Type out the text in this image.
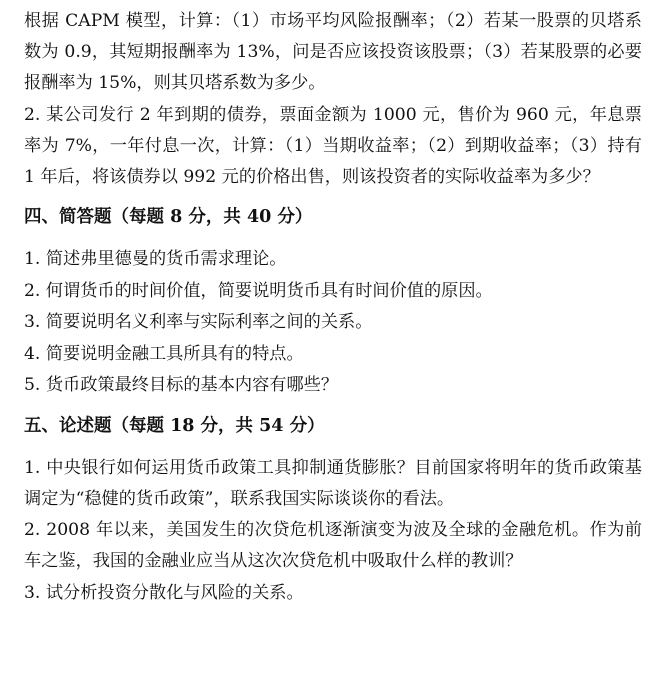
根据 CAPM 模型，计算：（1）市场平均风险报酬率；（2）若某一股票的贝塔系数为 0.9，其短期报酬率为 13%，问是否应该投资该股票；（3）若某股票的必要报酬率为 15%，则其贝塔系数为多少。

2. 某公司发行 2 年到期的债券，票面金额为 1000 元，售价为 960 元，年息票率为 7%，一年付息一次，计算：（1）当期收益率；（2）到期收益率；（3）持有 1 年后，将该债券以 992 元的价格出售，则该投资者的实际收益率为多少？

四、简答题（每题 8 分，共 40 分）

1. 简述弗里德曼的货币需求理论。

2. 何谓货币的时间价值，简要说明货币具有时间价值的原因。

3. 简要说明名义利率与实际利率之间的关系。

4. 简要说明金融工具所具有的特点。

5. 货币政策最终目标的基本内容有哪些？

五、论述题（每题 18 分，共 54 分）

1. 中央银行如何运用货币政策工具抑制通货膨胀？目前国家将明年的货币政策基调定为“稳健的货币政策”，联系我国实际谈谈你的看法。

2. 2008 年以来，美国发生的次贷危机逐渐演变为波及全球的金融危机。作为前车之鉴，我国的金融业应当从这次次贷危机中吸取什么样的教训？

3. 试分析投资分散化与风险的关系。
